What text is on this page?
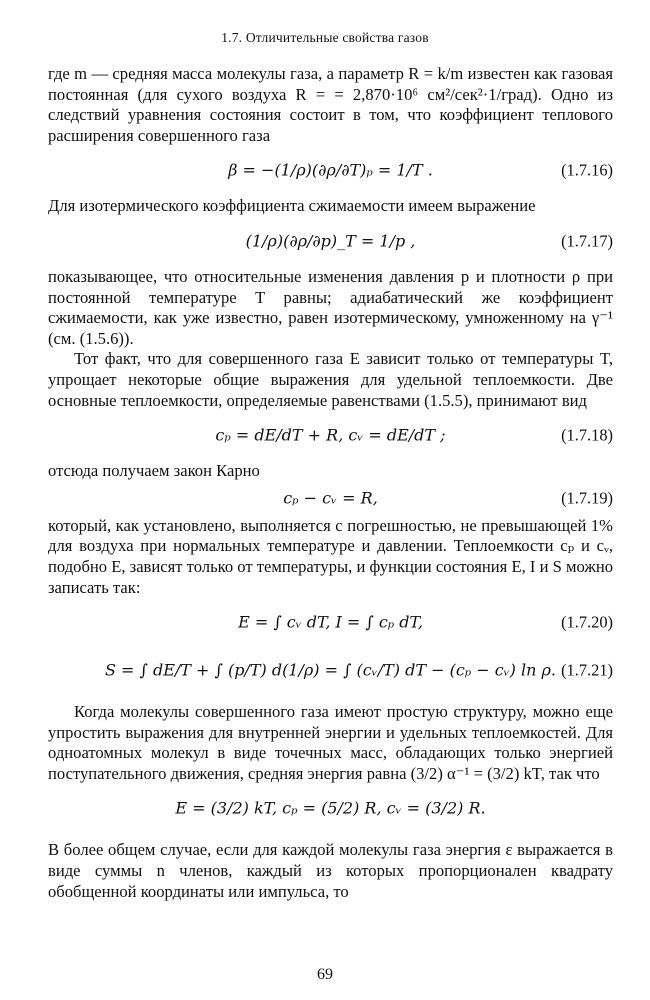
1.7. Отличительные свойства газов

где m — средняя масса молекулы газа, а параметр R = k/m известен как газовая постоянная (для сухого воздуха R = = 2,870·10⁶ см²/сек²·1/град). Одно из следствий уравнения состояния состоит в том, что коэффициент теплового расширения совершенного газа

β = −(1/ρ)(∂ρ/∂T)ₚ = 1/T .	(1.7.16)

Для изотермического коэффициента сжимаемости имеем выражение

(1/ρ)(∂ρ/∂p)_T = 1/p ,	(1.7.17)

показывающее, что относительные изменения давления p и плотности ρ при постоянной температуре T равны; адиабатический же коэффициент сжимаемости, как уже известно, равен изотермическому, умноженному на γ⁻¹ (см. (1.5.6)).

Тот факт, что для совершенного газа E зависит только от температуры T, упрощает некоторые общие выражения для удельной теплоемкости. Две основные теплоемкости, определяемые равенствами (1.5.5), принимают вид

cₚ = dE/dT + R, cᵥ = dE/dT ;	(1.7.18)

отсюда получаем закон Карно

cₚ − cᵥ = R,	(1.7.19)

который, как установлено, выполняется с погрешностью, не превышающей 1% для воздуха при нормальных температуре и давлении. Теплоемкости cₚ и cᵥ, подобно E, зависят только от температуры, и функции состояния E, I и S можно записать так:

E = ∫ cᵥ dT, I = ∫ cₚ dT,	(1.7.20)
S = ∫ dE/T + ∫ (p/T) d(1/ρ) = ∫ (cᵥ/T) dT − (cₚ − cᵥ) ln ρ. (1.7.21)

Когда молекулы совершенного газа имеют простую структуру, можно еще упростить выражения для внутренней энергии и удельных теплоемкостей. Для одноатомных молекул в виде точечных масс, обладающих только энергией поступательного движения, средняя энергия равна (3/2) α⁻¹ = (3/2) kT, так что

E = (3/2) kT, cₚ = (5/2) R, cᵥ = (3/2) R.

В более общем случае, если для каждой молекулы газа энергия ε выражается в виде суммы n членов, каждый из которых пропорционален квадрату обобщенной координаты или импульса, то

69
